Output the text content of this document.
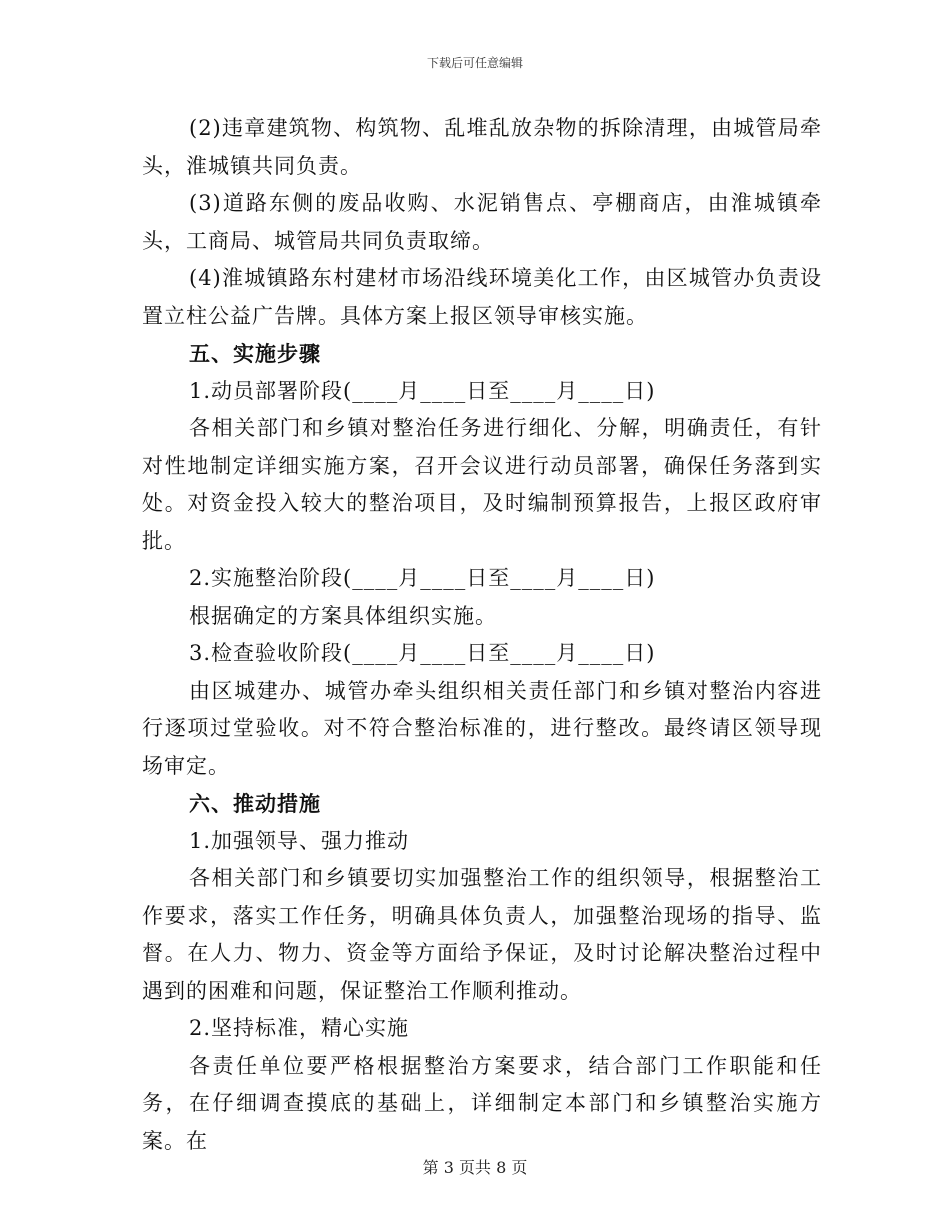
下载后可任意编辑

(2)违章建筑物、构筑物、乱堆乱放杂物的拆除清理，由城管局牵头，淮城镇共同负责。

(3)道路东侧的废品收购、水泥销售点、亭棚商店，由淮城镇牵头，工商局、城管局共同负责取缔。

(4)淮城镇路东村建材市场沿线环境美化工作，由区城管办负责设置立柱公益广告牌。具体方案上报区领导审核实施。

五、实施步骤

1.动员部署阶段(____月____日至____月____日)

各相关部门和乡镇对整治任务进行细化、分解，明确责任，有针对性地制定详细实施方案，召开会议进行动员部署，确保任务落到实处。对资金投入较大的整治项目，及时编制预算报告，上报区政府审批。

2.实施整治阶段(____月____日至____月____日)

根据确定的方案具体组织实施。

3.检查验收阶段(____月____日至____月____日)

由区城建办、城管办牵头组织相关责任部门和乡镇对整治内容进行逐项过堂验收。对不符合整治标准的，进行整改。最终请区领导现场审定。

六、推动措施

1.加强领导、强力推动

各相关部门和乡镇要切实加强整治工作的组织领导，根据整治工作要求，落实工作任务，明确具体负责人，加强整治现场的指导、监督。在人力、物力、资金等方面给予保证，及时讨论解决整治过程中遇到的困难和问题，保证整治工作顺利推动。

2.坚持标准，精心实施

各责任单位要严格根据整治方案要求，结合部门工作职能和任务，在仔细调查摸底的基础上，详细制定本部门和乡镇整治实施方案。在

第 3 页共 8 页
